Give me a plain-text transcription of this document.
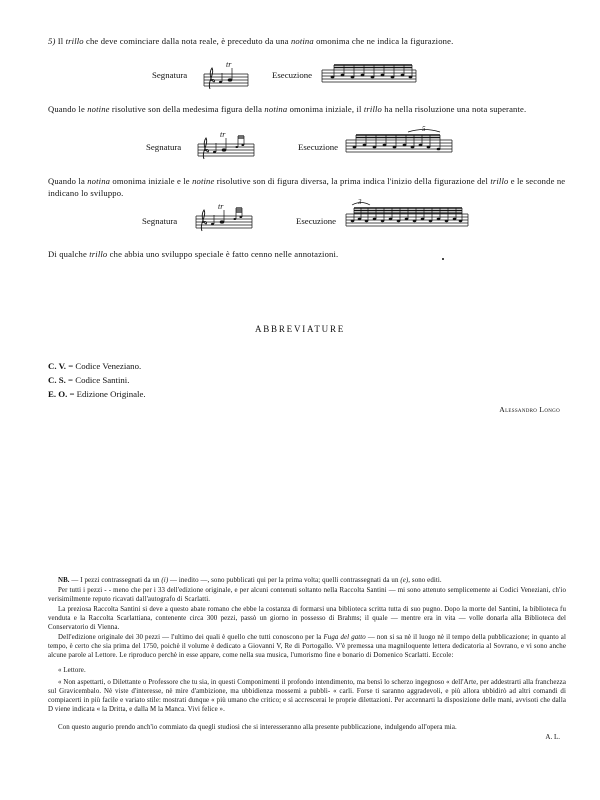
5) Il trillo che deve cominciare dalla nota reale, è preceduto da una notina omonima che ne indica la figurazione.

Segnatura
tr
Esecuzione

Quando le notine risolutive son della medesima figura della notina omonima iniziale, il trillo ha nella risoluzione una nota superante.

Segnatura
tr
Esecuzione
5

Quando la notina omonima iniziale e le notine risolutive son di figura diversa, la prima indica l'inizio della figurazione del trillo e le seconde ne indicano lo sviluppo.

Segnatura
tr
Esecuzione
3

Di qualche trillo che abbia uno sviluppo speciale è fatto cenno nelle annotazioni.

ABBREVIATURE
C. V. = Codice Veneziano.
C. S. = Codice Santini.
E. O. = Edizione Originale.
Alessandro Longo

NB. — I pezzi contrassegnati da un (i) — inedito —, sono pubblicati qui per la prima volta; quelli contrassegnati da un (e), sono editi.

Per tutti i pezzi - - meno che per i 33 dell'edizione originale, e per alcuni contenuti soltanto nella Raccolta Santini — mi sono attenuto semplicemente ai Codici Veneziani, ch'io verisimilmente reputo ricavati dall'autografo di Scarlatti.

La preziosa Raccolta Santini si deve a questo abate romano che ebbe la costanza di formarsi una biblioteca scritta tutta di suo pugno. Dopo la morte del Santini, la biblioteca fu venduta e la Raccolta Scarlattiana, contenente circa 300 pezzi, passò un giorno in possesso di Brahms; il quale — mentre era in vita — volle donarla alla Biblioteca del Conservatorio di Vienna.

Dell'edizione originale dei 30 pezzi — l'ultimo dei quali è quello che tutti conoscono per la Fuga del gatto — non si sa nè il luogo nè il tempo della pubblicazione; in quanto al tempo, è certo che sia prima del 1750, poichè il volume è dedicato a Giovanni V, Re di Portogallo. V'è premessa una magniloquente lettera dedicatoria al Sovrano, e vi sono anche alcune parole al Lettore. Le riproduco perchè in esse appare, come nella sua musica, l'umorismo fine e bonario di Domenico Scarlatti. Eccole:

« Lettore.

« Non aspettarti, o Dilettante o Professore che tu sia, in questi Componimenti il profondo intendimento, ma bensì lo scherzo ingegnoso « dell'Arte, per addestrarti alla franchezza sul Gravicembalo. Nè viste d'interesse, nè mire d'ambizione, ma ubbidienza mossemi a pubbli- « carli. Forse ti saranno aggradevoli, e più allora ubbidirò ad altri comandi di compiacerti in più facile e variato stile: mostrati dunque « più umano che critico; e sì accrescerai le proprie dilettazioni. Per accennarti la disposizione delle mani, avvisoti che dalla D viene indicata « la Dritta, e dalla M la Manca. Vivi felice ».

Con questo augurio prendo anch'io commiato da quegli studiosi che si interesseranno alla presente pubblicazione, indulgendo all'opera mia.

A. L.
